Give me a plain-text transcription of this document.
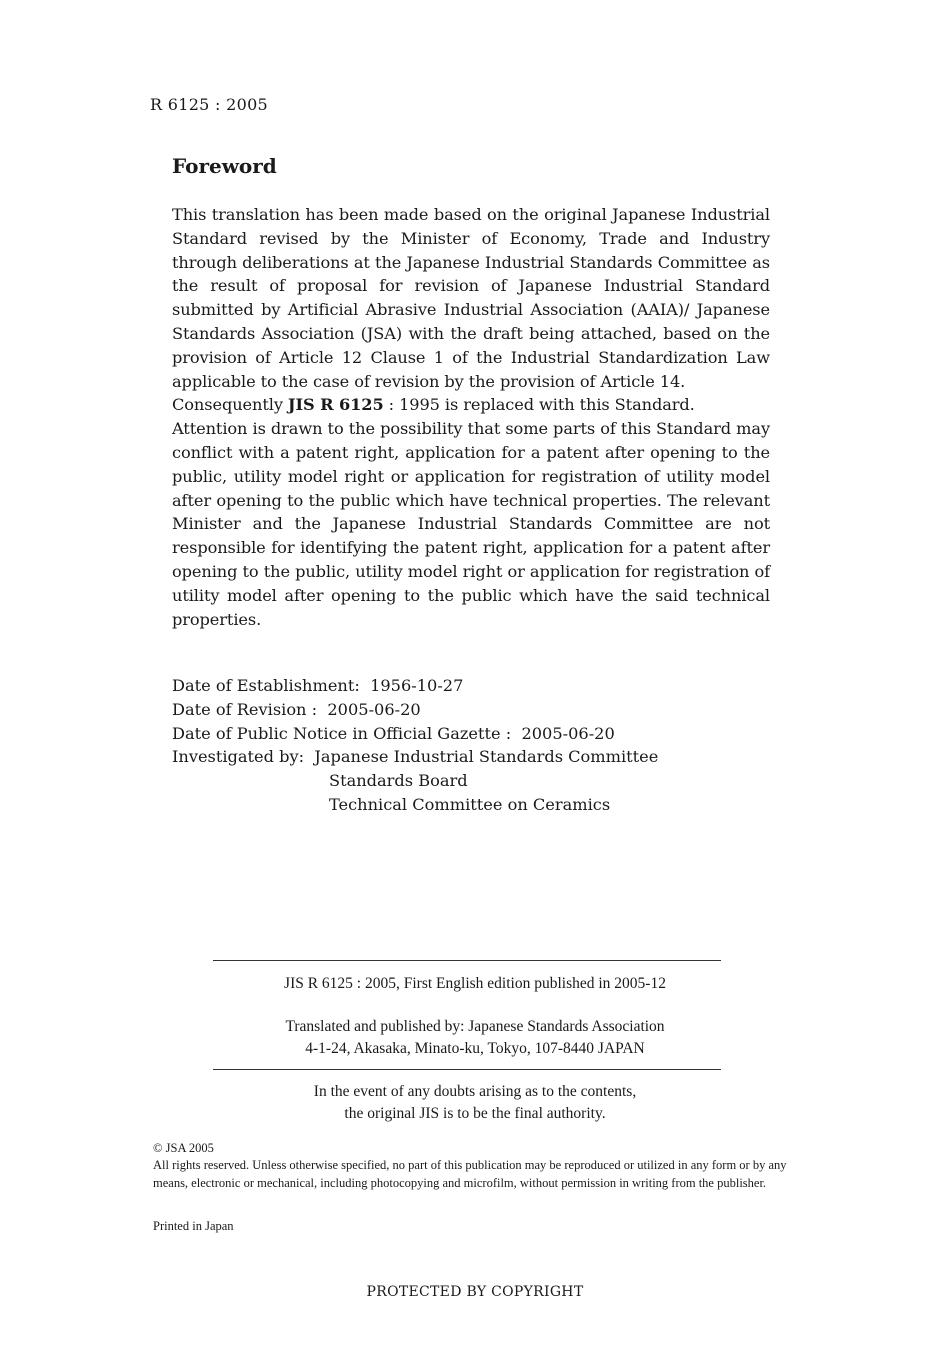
R 6125 : 2005
Foreword

This translation has been made based on the original Japanese Industrial Standard revised by the Minister of Economy, Trade and Industry through deliberations at the Japanese Industrial Standards Committee as the result of proposal for revision of Japanese Industrial Standard submitted by Artificial Abrasive Industrial Association (AAIA)/ Japanese Standards Association (JSA) with the draft being attached, based on the provision of Article 12 Clause 1 of the Industrial Standardization Law applicable to the case of revision by the provision of Article 14.

Consequently JIS R 6125 : 1995 is replaced with this Standard.

Attention is drawn to the possibility that some parts of this Standard may conflict with a patent right, application for a patent after opening to the public, utility model right or application for registration of utility model after opening to the public which have technical properties. The relevant Minister and the Japanese Industrial Standards Committee are not responsible for identifying the patent right, application for a patent after opening to the public, utility model right or application for registration of utility model after opening to the public which have the said technical properties.

Date of Establishment:  1956-10-27
Date of Revision :  2005-06-20
Date of Public Notice in Official Gazette :  2005-06-20
Investigated by:  Japanese Industrial Standards Committee
Standards Board
Technical Committee on Ceramics
JIS R 6125 : 2005, First English edition published in 2005-12
Translated and published by: Japanese Standards Association
4-1-24, Akasaka, Minato-ku, Tokyo, 107-8440 JAPAN
In the event of any doubts arising as to the contents,
the original JIS is to be the final authority.
© JSA 2005
All rights reserved. Unless otherwise specified, no part of this publication may be reproduced or utilized in any form or by any means, electronic or mechanical, including photocopying and microfilm, without permission in writing from the publisher.
Printed in Japan
PROTECTED BY COPYRIGHT
